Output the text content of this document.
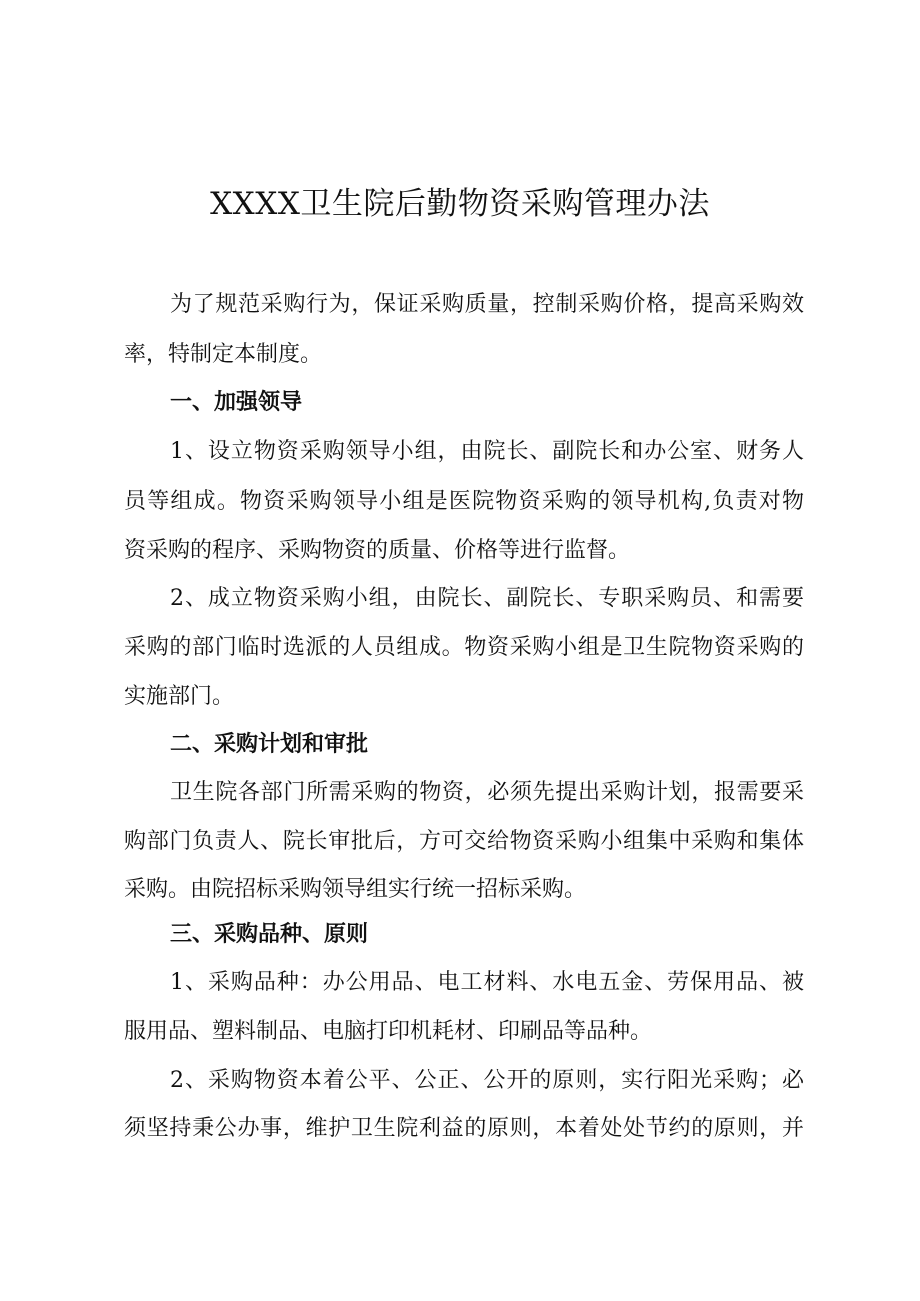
XXXX卫生院后勤物资采购管理办法
为了规范采购行为，保证采购质量，控制采购价格，提高采购效
率，特制定本制度。
一、加强领导
1、设立物资采购领导小组，由院长、副院长和办公室、财务人
员等组成。物资采购领导小组是医院物资采购的领导机构,负责对物
资采购的程序、采购物资的质量、价格等进行监督。
2、成立物资采购小组，由院长、副院长、专职采购员、和需要
采购的部门临时选派的人员组成。物资采购小组是卫生院物资采购的
实施部门。
二、采购计划和审批
卫生院各部门所需采购的物资，必须先提出采购计划，报需要采
购部门负责人、院长审批后，方可交给物资采购小组集中采购和集体
采购。由院招标采购领导组实行统一招标采购。
三、采购品种、原则
1、采购品种：办公用品、电工材料、水电五金、劳保用品、被
服用品、塑料制品、电脑打印机耗材、印刷品等品种。
2、采购物资本着公平、公正、公开的原则，实行阳光采购；必
须坚持秉公办事，维护卫生院利益的原则，本着处处节约的原则，并
